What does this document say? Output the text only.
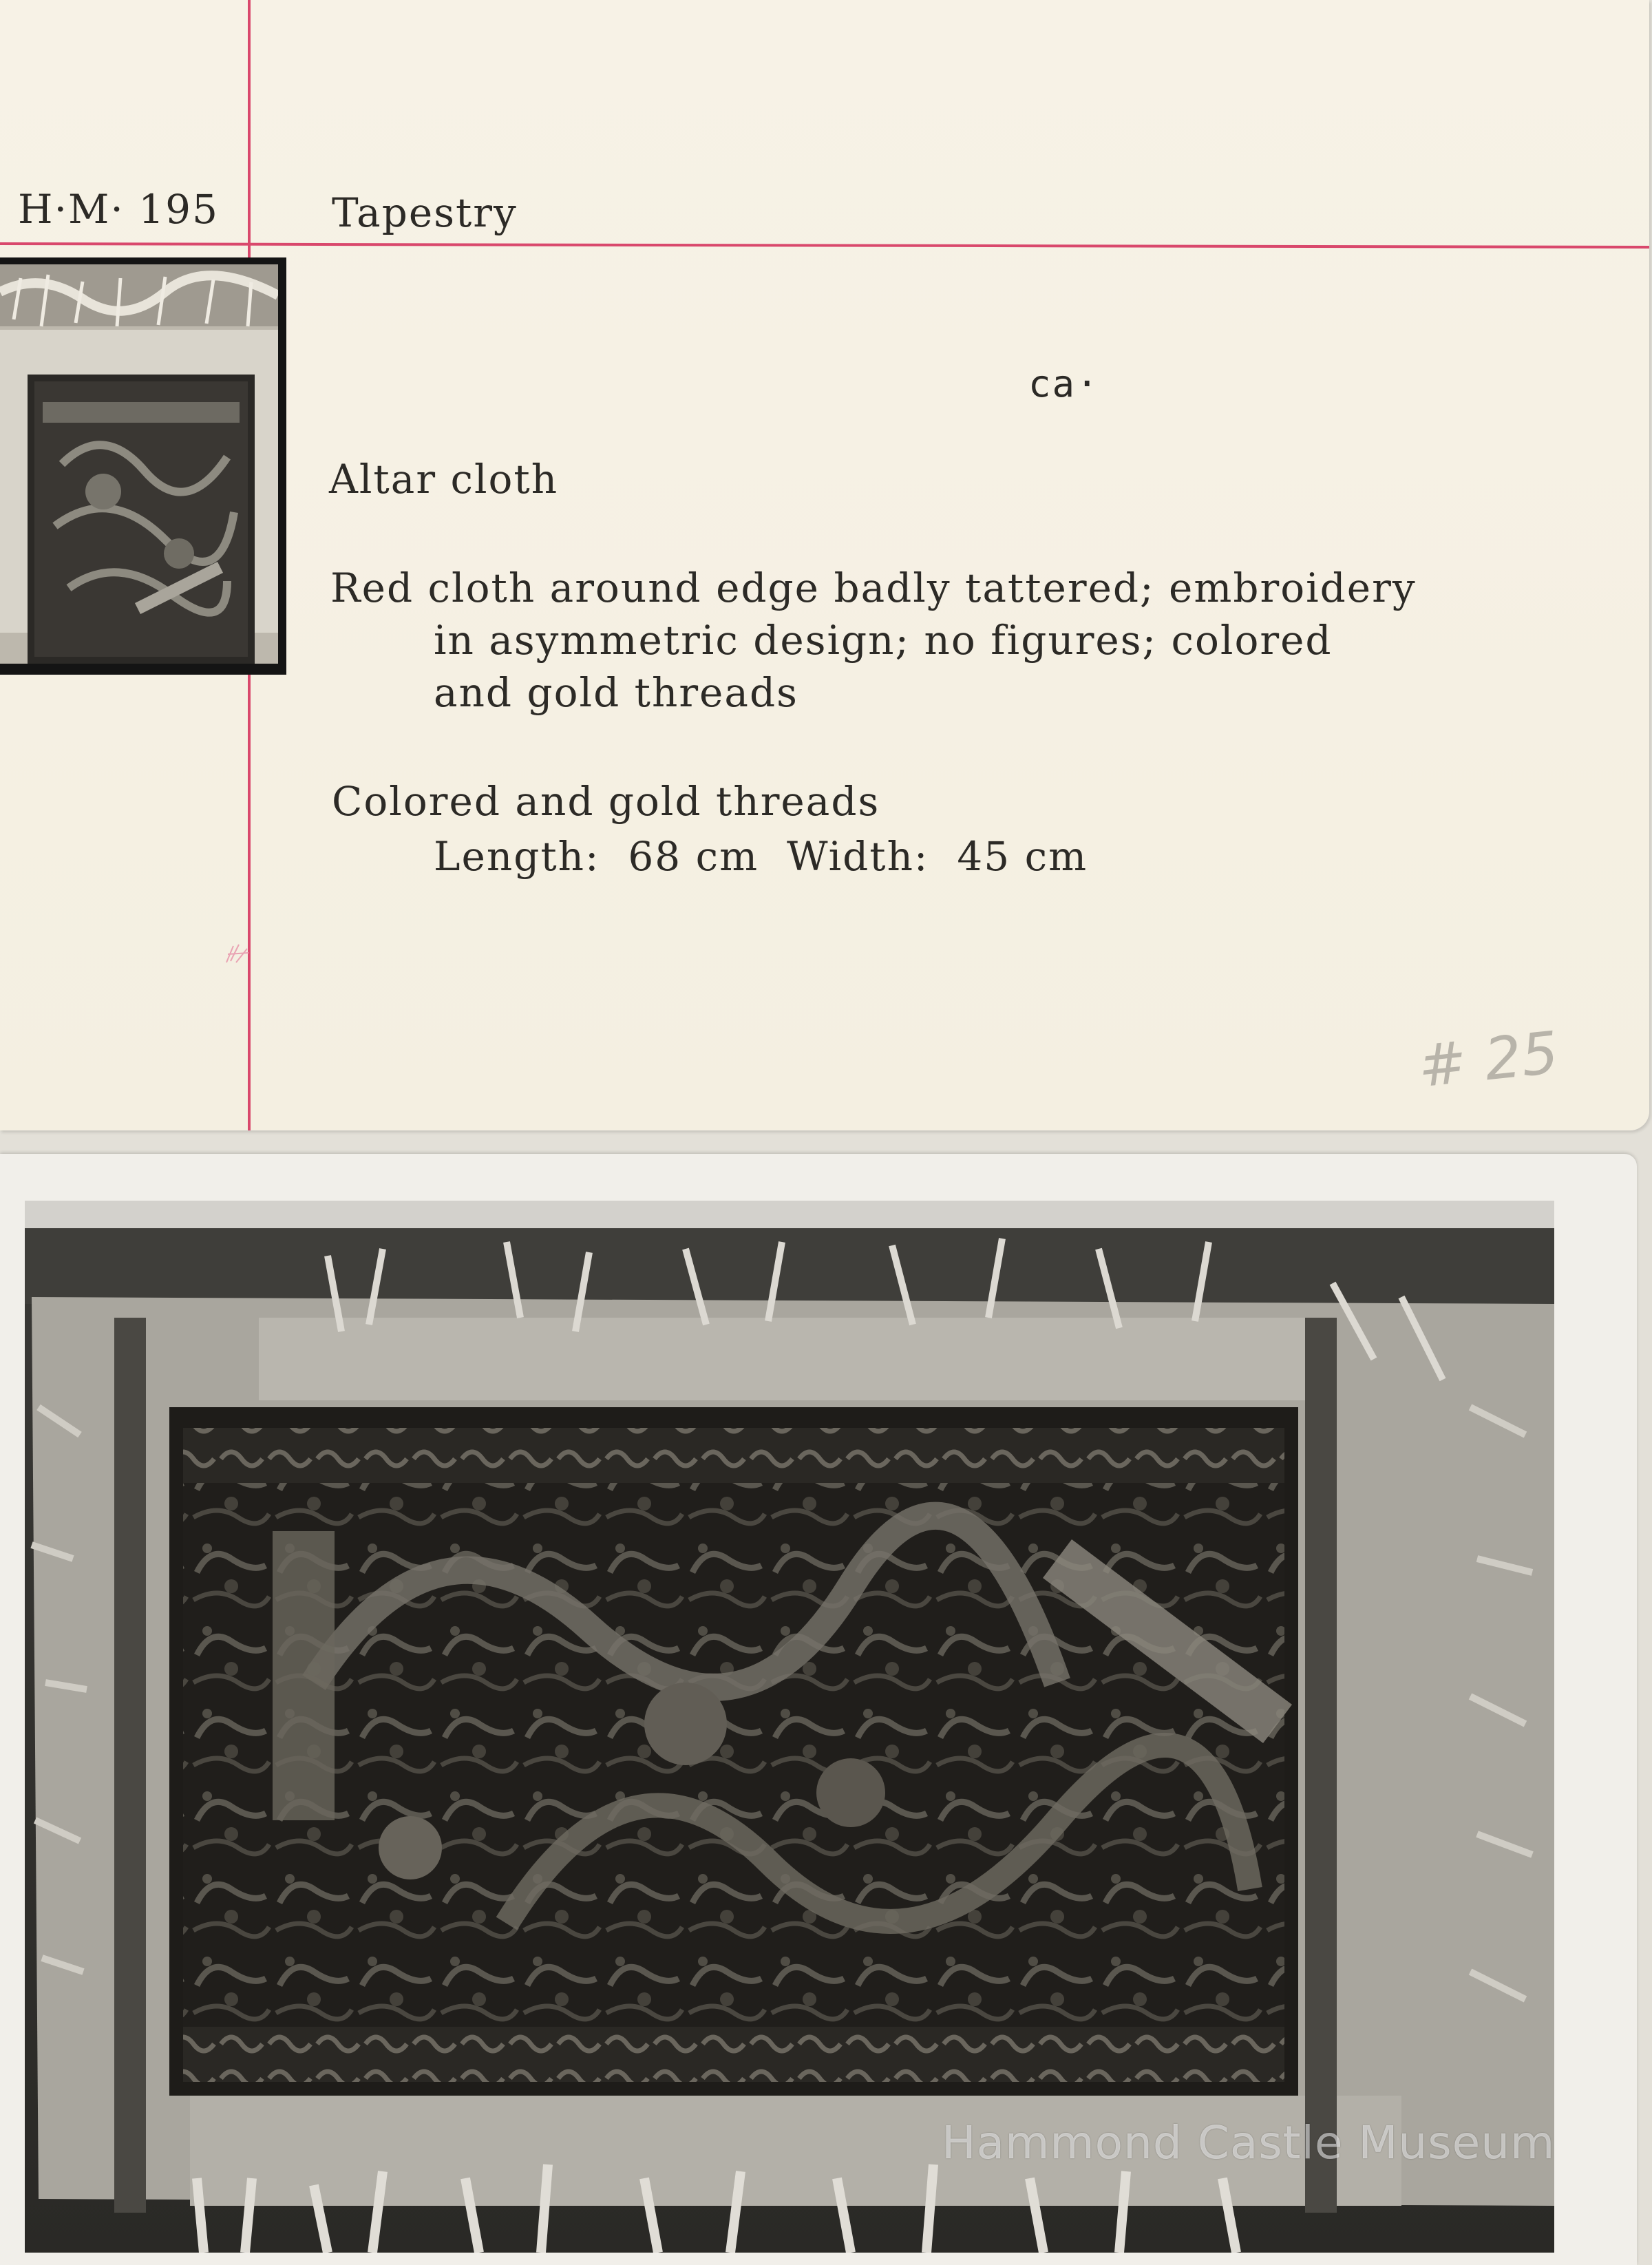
H·M· 195	Tapestry
ca·
Altar cloth
Red cloth around edge badly tattered; embroidery
in asymmetric design; no figures; colored
and gold threads
Colored and gold threads
Length:  68 cm  Width:  45 cm
# 25
Hammond Castle Museum
